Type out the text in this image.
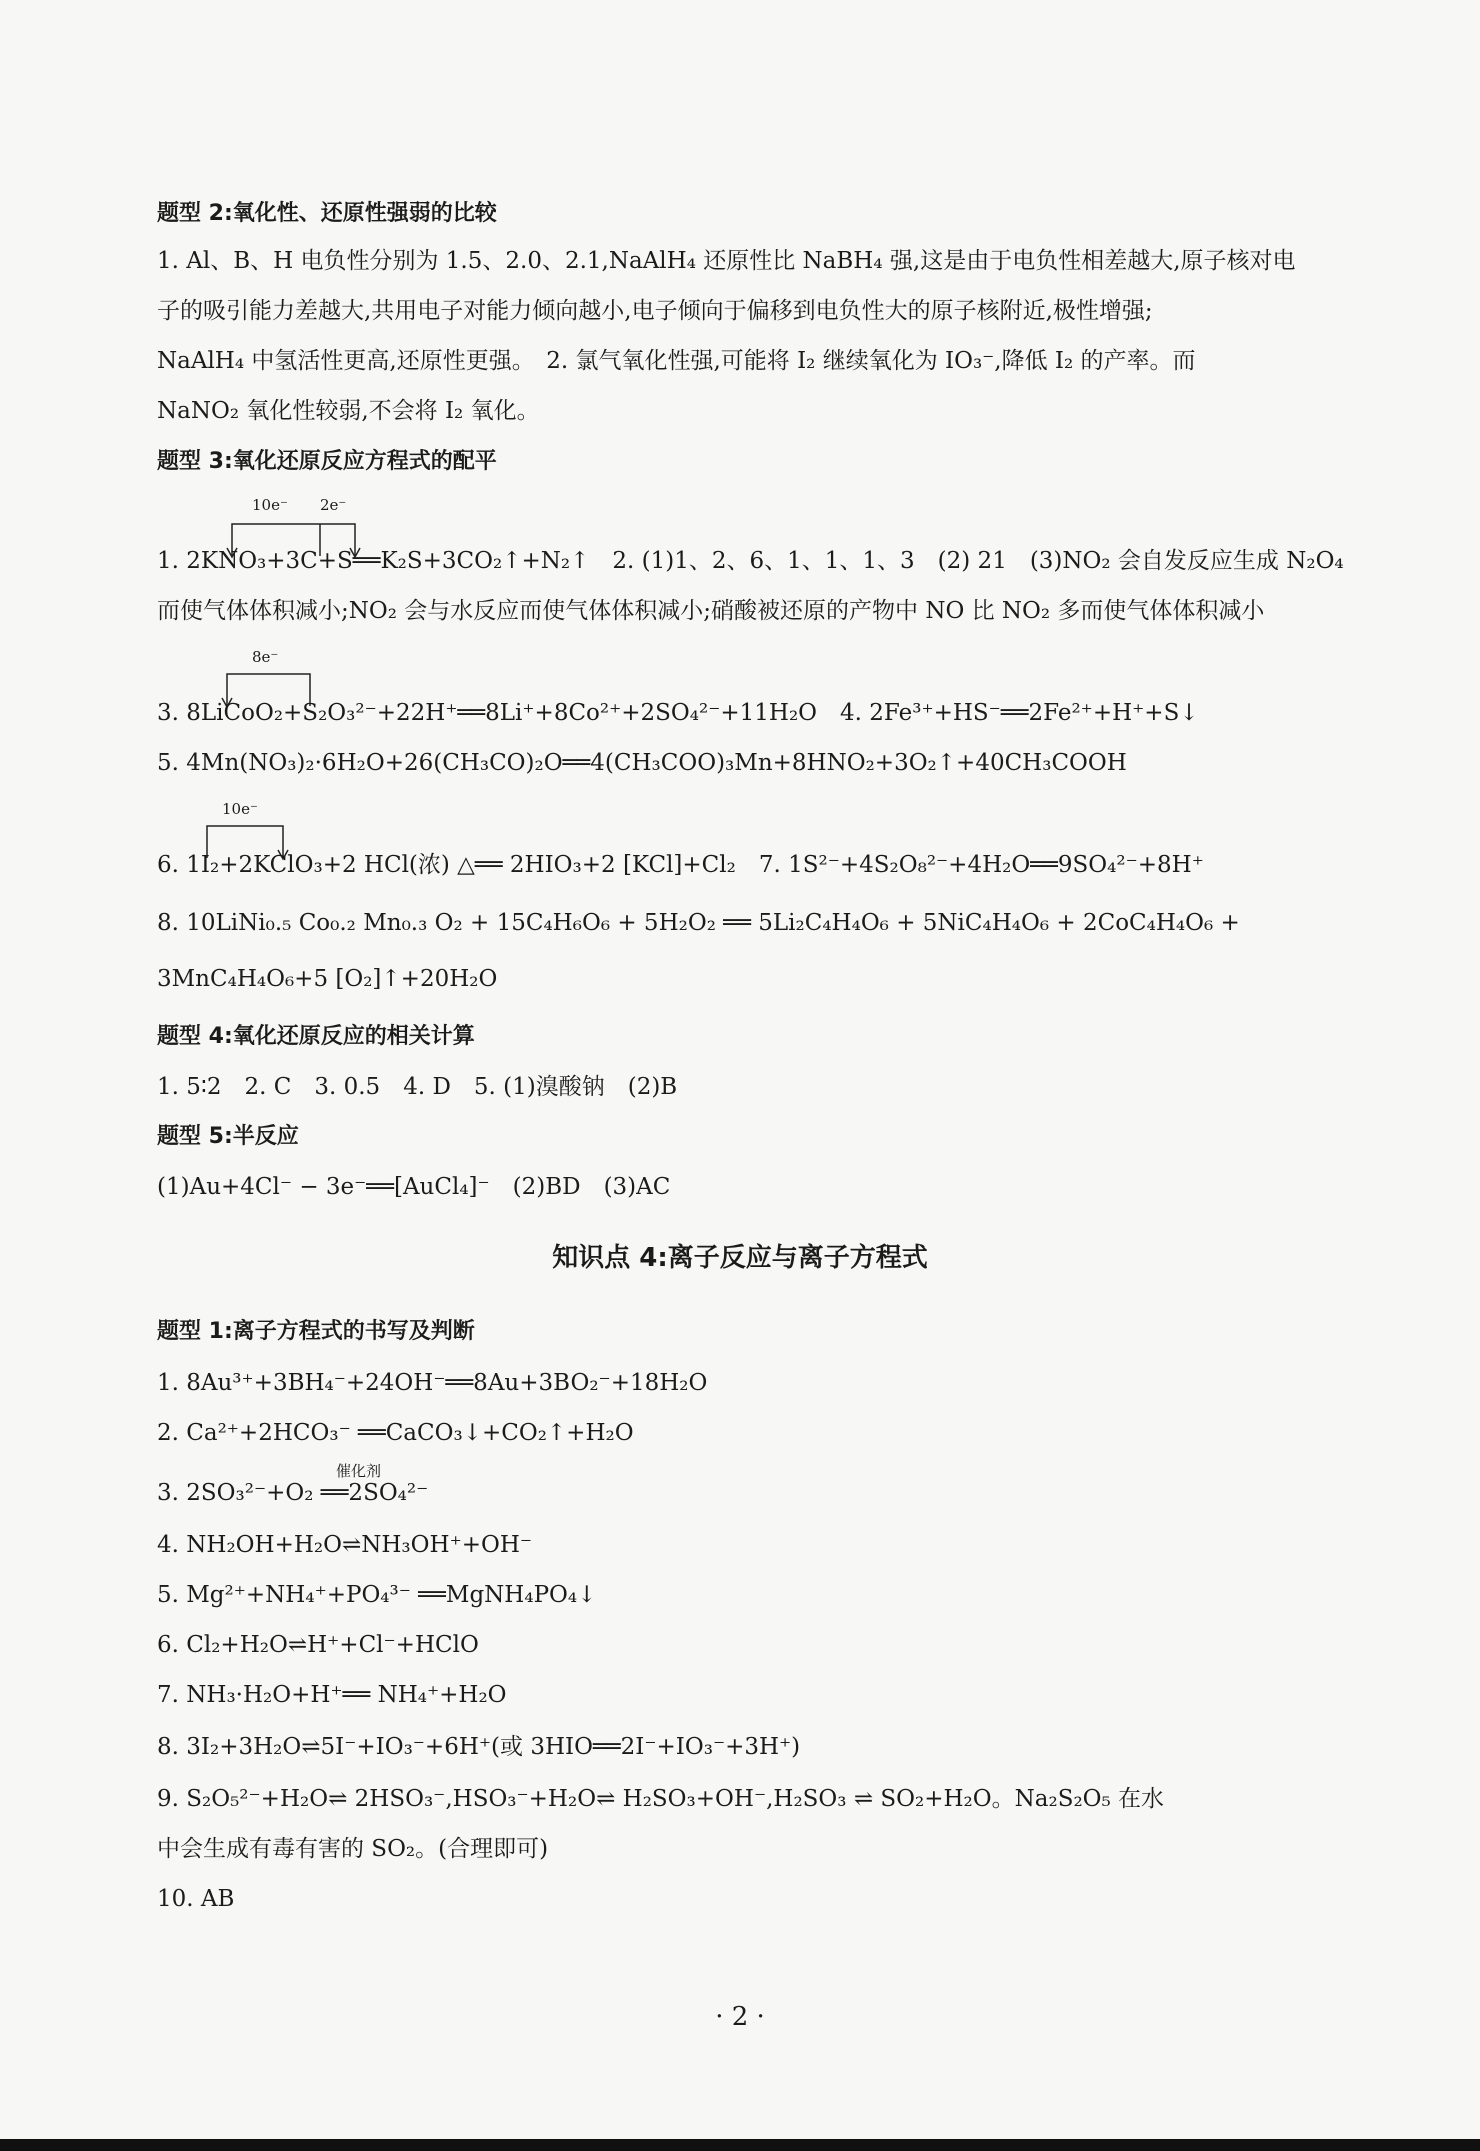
题型 2:氧化性、还原性强弱的比较
1. Al、B、H 电负性分别为 1.5、2.0、2.1,NaAlH₄ 还原性比 NaBH₄ 强,这是由于电负性相差越大,原子核对电
子的吸引能力差越大,共用电子对能力倾向越小,电子倾向于偏移到电负性大的原子核附近,极性增强;
NaAlH₄ 中氢活性更高,还原性更强。　2. 氯气氧化性强,可能将 I₂ 继续氧化为 IO₃⁻,降低 I₂ 的产率。而
NaNO₂ 氧化性较弱,不会将 I₂ 氧化。
题型 3:氧化还原反应方程式的配平
10e⁻ 2e⁻
1. 2KNO₃+3C+S══K₂S+3CO₂↑+N₂↑　2. (1)1、2、6、1、1、1、3　(2) 21　(3)NO₂ 会自发反应生成 N₂O₄
而使气体体积减小;NO₂ 会与水反应而使气体体积减小;硝酸被还原的产物中 NO 比 NO₂ 多而使气体体积减小
8e⁻
3. 8LiCoO₂+S₂O₃²⁻+22H⁺══8Li⁺+8Co²⁺+2SO₄²⁻+11H₂O　4. 2Fe³⁺+HS⁻══2Fe²⁺+H⁺+S↓
5. 4Mn(NO₃)₂·6H₂O+26(CH₃CO)₂O══4(CH₃COO)₃Mn+8HNO₂+3O₂↑+40CH₃COOH
10e⁻
6. 1I₂+2KClO₃+2 HCl(浓) △══ 2HIO₃+2 [KCl]+Cl₂　7. 1S²⁻+4S₂O₈²⁻+4H₂O══9SO₄²⁻+8H⁺
8. 10LiNi₀.₅ Co₀.₂ Mn₀.₃ O₂ + 15C₄H₆O₆ + 5H₂O₂ ══ 5Li₂C₄H₄O₆ + 5NiC₄H₄O₆ + 2CoC₄H₄O₆ +
3MnC₄H₄O₆+5 [O₂]↑+20H₂O
题型 4:氧化还原反应的相关计算
1. 5∶2　2. C　3. 0.5　4. D　5. (1)溴酸钠　(2)B
题型 5:半反应
(1)Au+4Cl⁻ − 3e⁻══[AuCl₄]⁻　(2)BD　(3)AC
知识点 4:离子反应与离子方程式
题型 1:离子方程式的书写及判断
1. 8Au³⁺+3BH₄⁻+24OH⁻══8Au+3BO₂⁻+18H₂O
2. Ca²⁺+2HCO₃⁻ ══CaCO₃↓+CO₂↑+H₂O
催化剂
3. 2SO₃²⁻+O₂ ══2SO₄²⁻
4. NH₂OH+H₂O⇌NH₃OH⁺+OH⁻
5. Mg²⁺+NH₄⁺+PO₄³⁻ ══MgNH₄PO₄↓
6. Cl₂+H₂O⇌H⁺+Cl⁻+HClO
7. NH₃·H₂O+H⁺══ NH₄⁺+H₂O
8. 3I₂+3H₂O⇌5I⁻+IO₃⁻+6H⁺(或 3HIO══2I⁻+IO₃⁻+3H⁺)
9. S₂O₅²⁻+H₂O⇌ 2HSO₃⁻,HSO₃⁻+H₂O⇌ H₂SO₃+OH⁻,H₂SO₃ ⇌ SO₂+H₂O。Na₂S₂O₅ 在水
中会生成有毒有害的 SO₂。(合理即可)
10. AB
· 2 ·
